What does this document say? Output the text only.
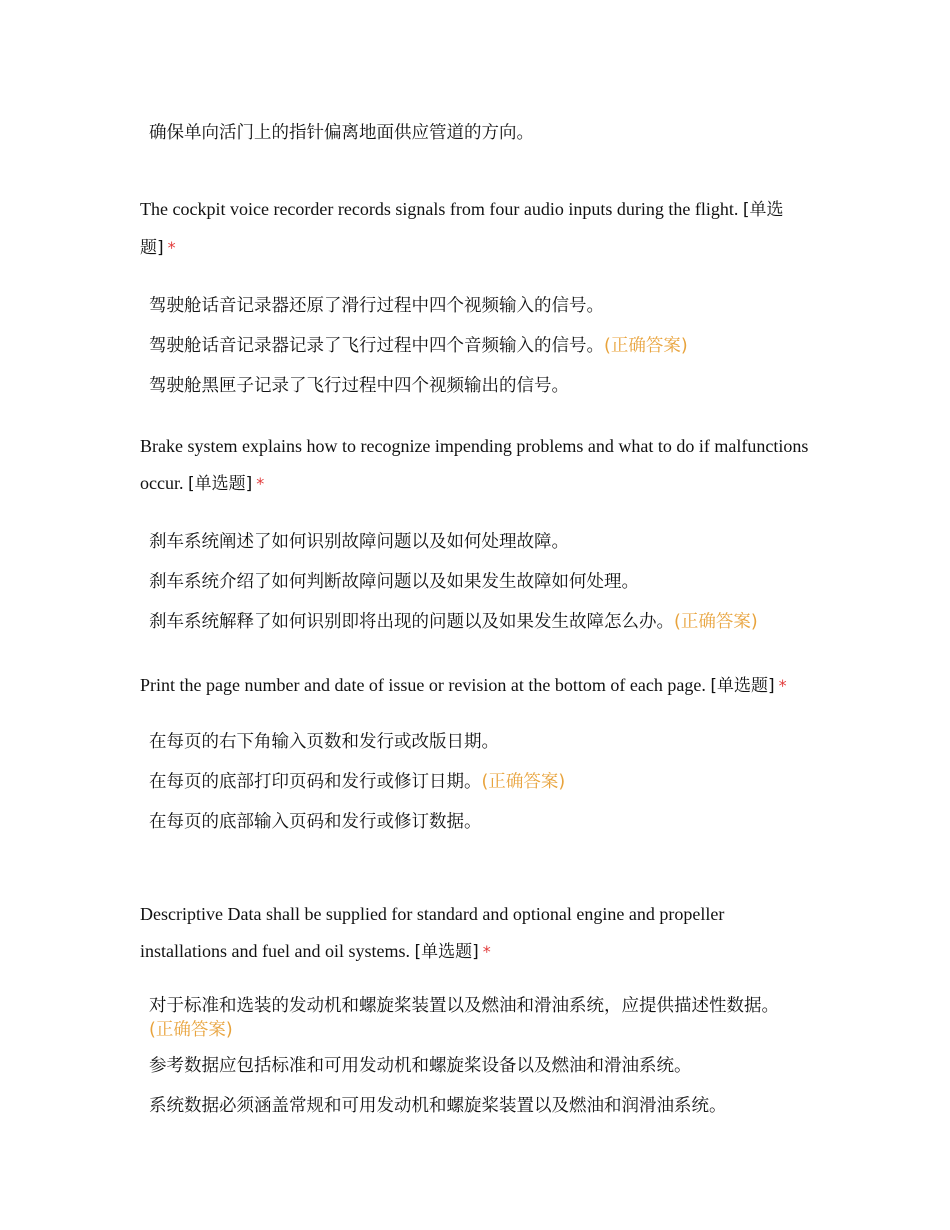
确保单向活门上的指针偏离地面供应管道的方向。
The cockpit voice recorder records signals from four audio inputs during the flight. [单选题] *
驾驶舱话音记录器还原了滑行过程中四个视频输入的信号。
驾驶舱话音记录器记录了飞行过程中四个音频输入的信号。(正确答案)
驾驶舱黑匣子记录了飞行过程中四个视频输出的信号。
Brake system explains how to recognize impending problems and what to do if malfunctions occur. [单选题] *
刹车系统阐述了如何识别故障问题以及如何处理故障。
刹车系统介绍了如何判断故障问题以及如果发生故障如何处理。
刹车系统解释了如何识别即将出现的问题以及如果发生故障怎么办。(正确答案)
Print the page number and date of issue or revision at the bottom of each page. [单选题] *
在每页的右下角输入页数和发行或改版日期。
在每页的底部打印页码和发行或修订日期。(正确答案)
在每页的底部输入页码和发行或修订数据。
Descriptive Data shall be supplied for standard and optional engine and propeller installations and fuel and oil systems. [单选题] *
对于标准和选装的发动机和螺旋桨装置以及燃油和滑油系统，应提供描述性数据。(正确答案)
参考数据应包括标准和可用发动机和螺旋桨设备以及燃油和滑油系统。
系统数据必须涵盖常规和可用发动机和螺旋桨装置以及燃油和润滑油系统。
